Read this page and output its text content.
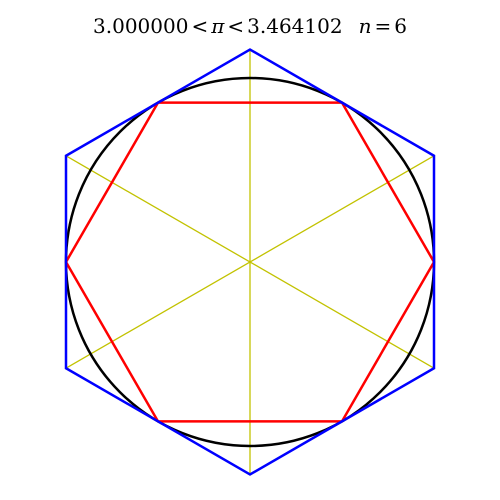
3.000000 < π < 3.464102 n = 6
